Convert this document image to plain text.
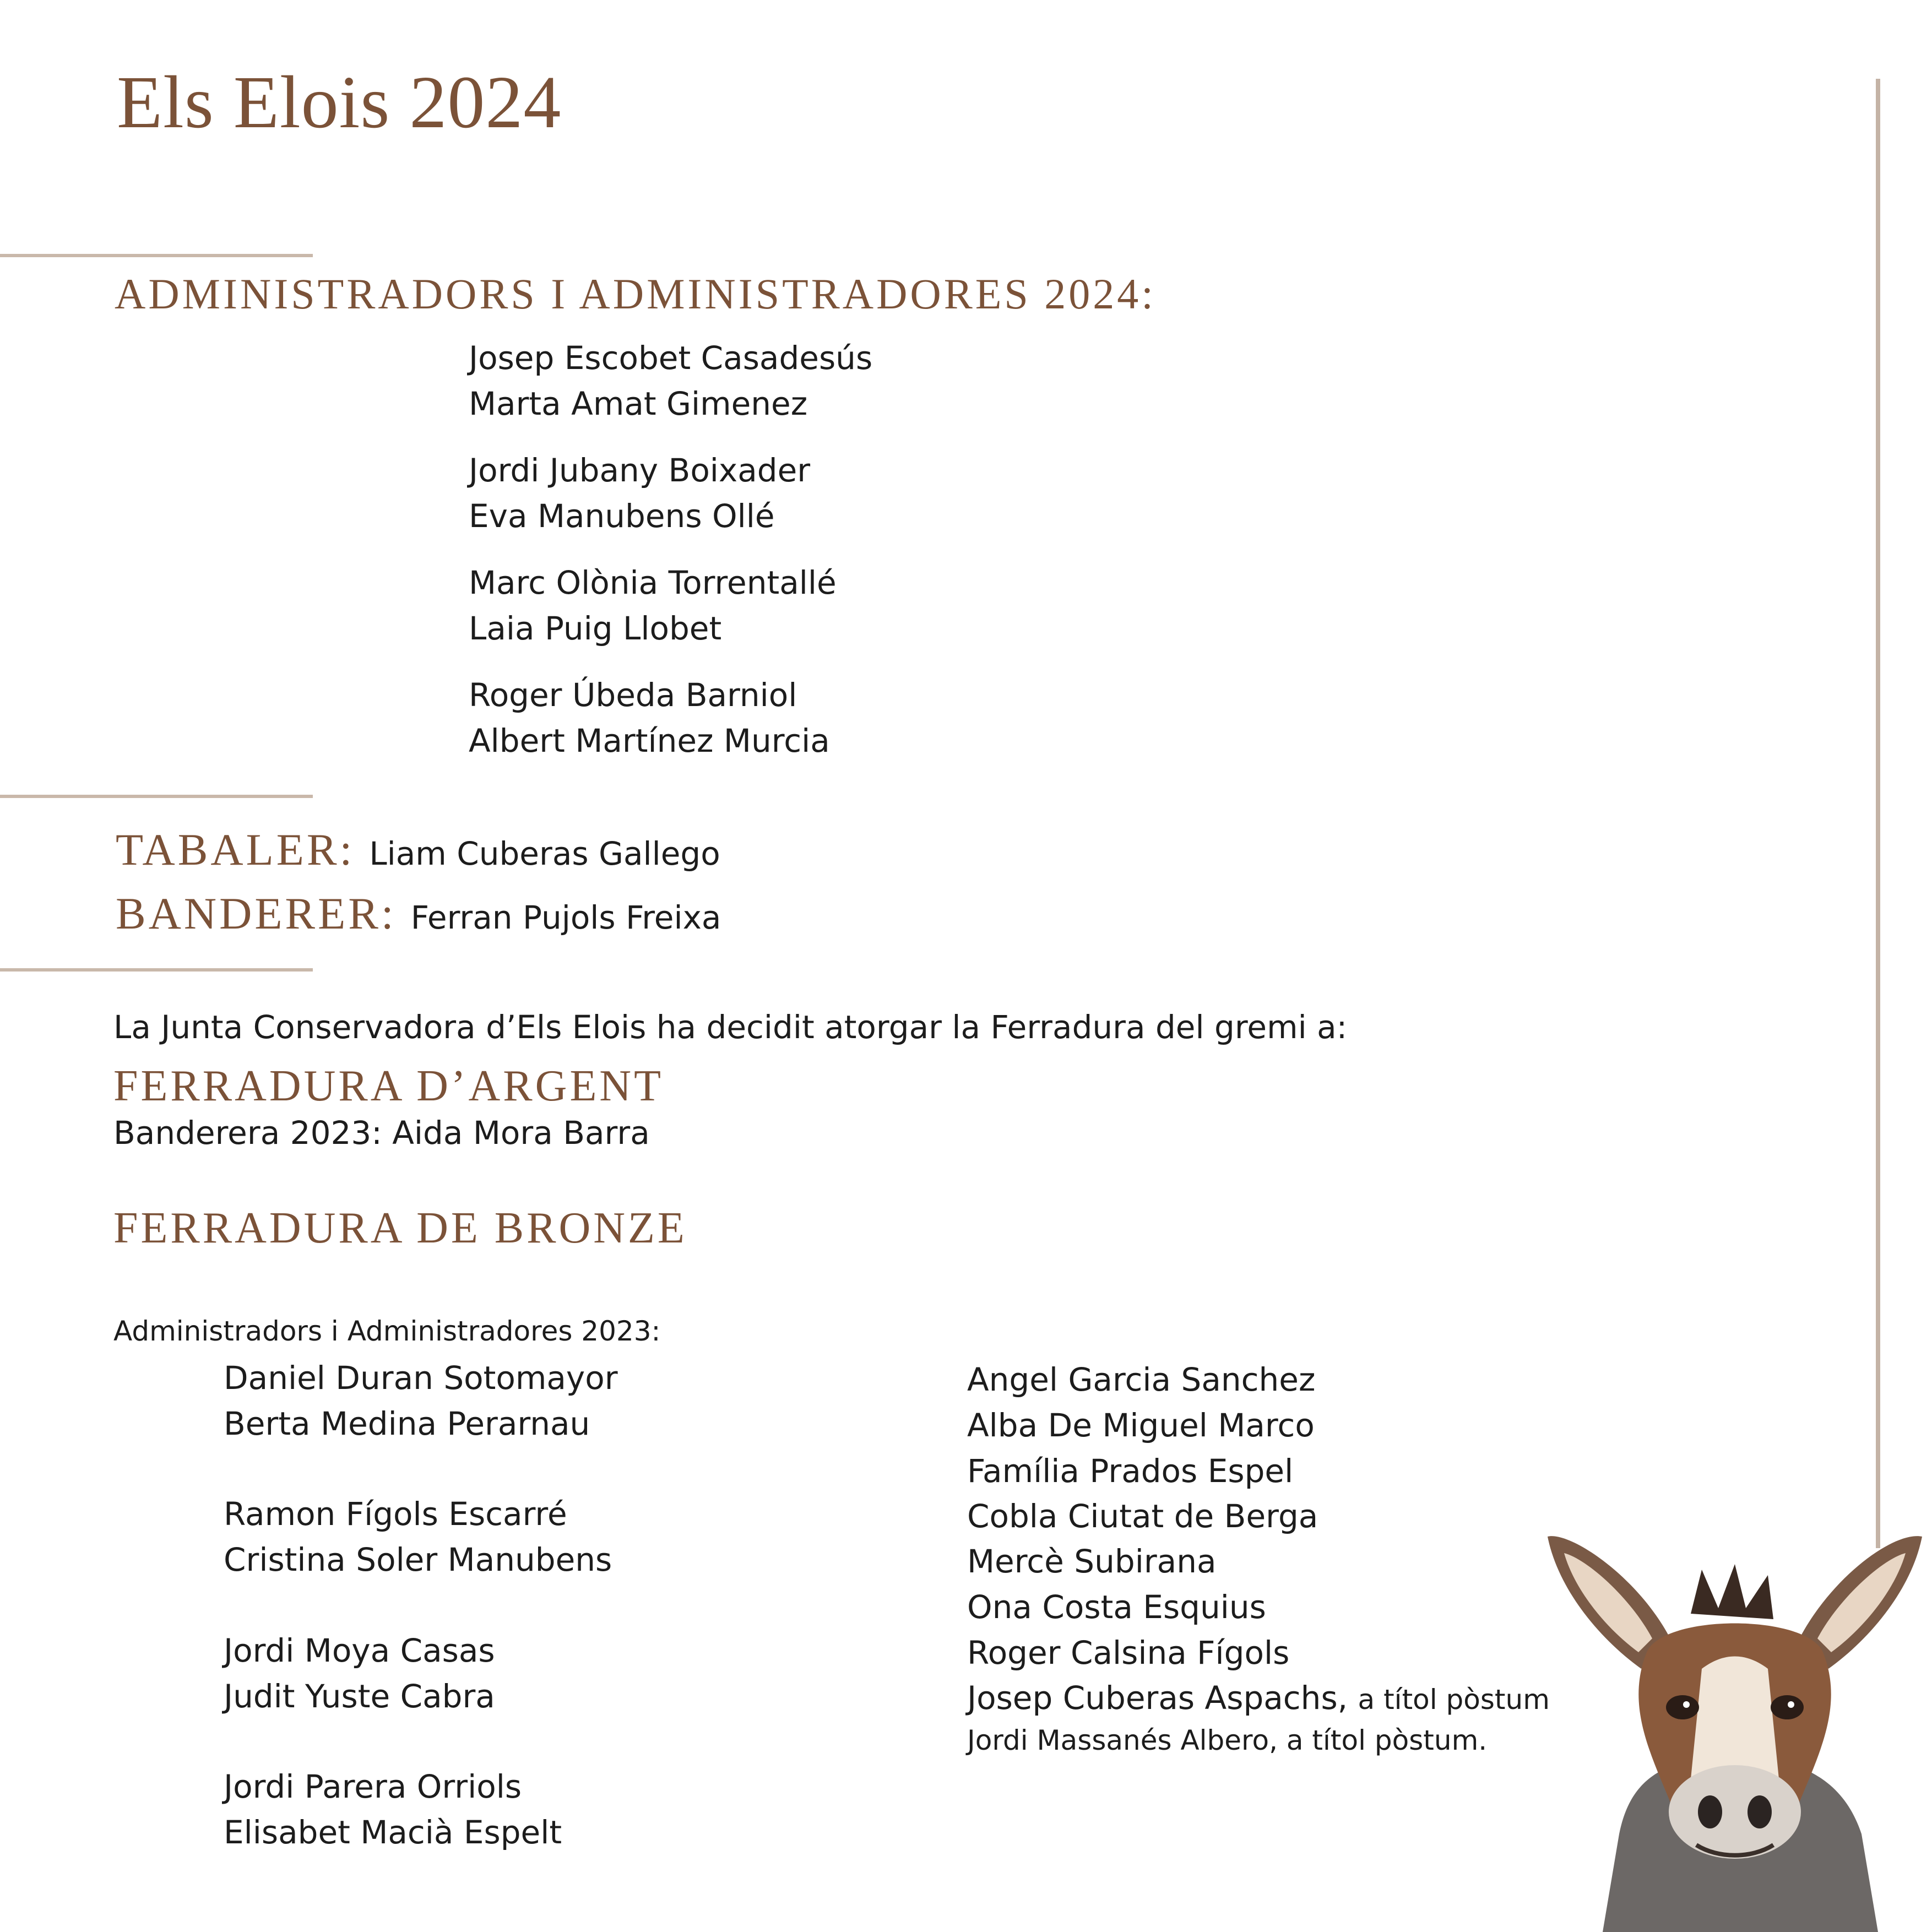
Els Elois 2024
ADMINISTRADORS I ADMINISTRADORES 2024:
Josep Escobet Casadesús
Marta Amat Gimenez
Jordi Jubany Boixader
Eva Manubens Ollé
Marc Olònia Torrentallé
Laia Puig Llobet
Roger Úbeda Barniol
Albert Martínez Murcia
TABALER: Liam Cuberas Gallego
BANDERER: Ferran Pujols Freixa
La Junta Conservadora d’Els Elois ha decidit atorgar la Ferradura del gremi a:
FERRADURA D’ARGENT
Banderera 2023: Aida Mora Barra
FERRADURA DE BRONZE
Administradors i Administradores 2023:
Daniel Duran Sotomayor
Berta Medina Perarnau
Ramon Fígols Escarré
Cristina Soler Manubens
Jordi Moya Casas
Judit Yuste Cabra
Jordi Parera Orriols
Elisabet Macià Espelt
Angel Garcia Sanchez
Alba De Miguel Marco
Família Prados Espel
Cobla Ciutat de Berga
Mercè Subirana
Ona Costa Esquius
Roger Calsina Fígols
Josep Cuberas Aspachs, a títol pòstum
Jordi Massanés Albero, a títol pòstum.
